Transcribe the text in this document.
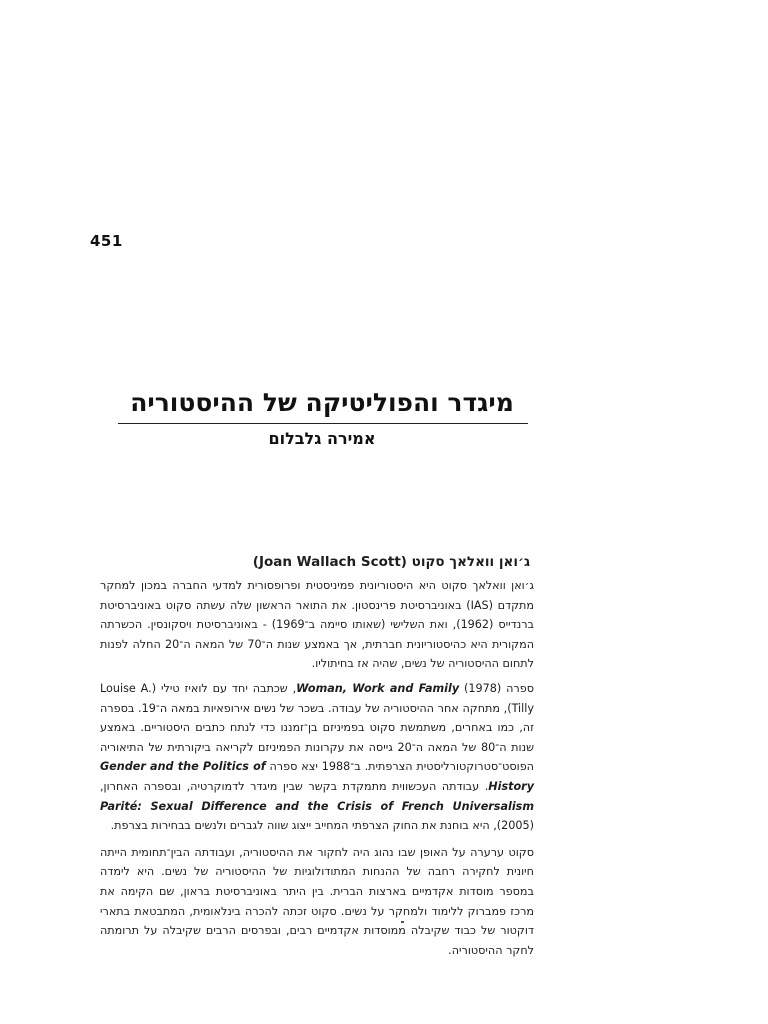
451
מיגדר והפוליטיקה של ההיסטוריה
אמירה גלבלום
ג׳ואן וואלאך סקוט (Joan Wallach Scott)

ג׳ואן וואלאך סקוט היא היסטוריונית פמיניסטית ופרופסורית למדעי החברה במכון למחקר מתקדם (IAS) באוניברסיטת פרינסטון. את התואר הראשון שלה עשתה סקוט באוניברסיטת ברנדייס (1962), ואת השלישי (שאותו סיימה ב־1969) - באוניברסיטת ויסקונסין. הכשרתה המקורית היא כהיסטוריונית חברתית, אך באמצע שנות ה־70 של המאה ה־20 החלה לפנות לתחום ההיסטוריה של נשים, שהיה אז בחיתוליו.

ספרה Woman, Work and Family (1978), שכתבה יחד עם לואיז טילי (Louise A. Tilly), מתחקה אחר ההיסטוריה של עבודה. בשכר של נשים אירופאיות במאה ה־19. בספרה זה, כמו באחרים, משתמשת סקוט בפמיניזם בן־זמננו כדי לנתח כתבים היסטוריים. באמצע שנות ה־80 של המאה ה־20 גייסה את עקרונות הפמיניזם לקריאה ביקורתית של התיאוריה הפוסט־סטרוקטורליסטית הצרפתית. ב־1988 יצא ספרה Gender and the Politics of History. עבודתה העכשווית מתמקדת בקשר שבין מיגדר לדמוקרטיה, ובספרה האחרון, Parité: Sexual Difference and the Crisis of French Universalism (2005), היא בוחנת את החוק הצרפתי המחייב ייצוג שווה לגברים ולנשים בבחירות בצרפת.

סקוט ערערה על האופן שבו נהוג היה לחקור את ההיסטוריה, ועבודתה הבין־תחומית הייתה חיונית לחקירה רחבה של ההנחות המתודולוגיות של ההיסטוריה של נשים. היא לימדה במספר מוסדות אקדמיים בארצות הברית. בין היתר באוניברסיטת בראון, שם הקימה את מרכז פמברוק ללימוד ולמחקר על נשים. סקוט זכתה להכרה בינלאומית, המתבטאת בתארי דוקטור של כבוד שקיבלה ממוסדות אקדמיים רבים, ובפרסים הרבים שקיבלה על תרומתה לחקר ההיסטוריה.
